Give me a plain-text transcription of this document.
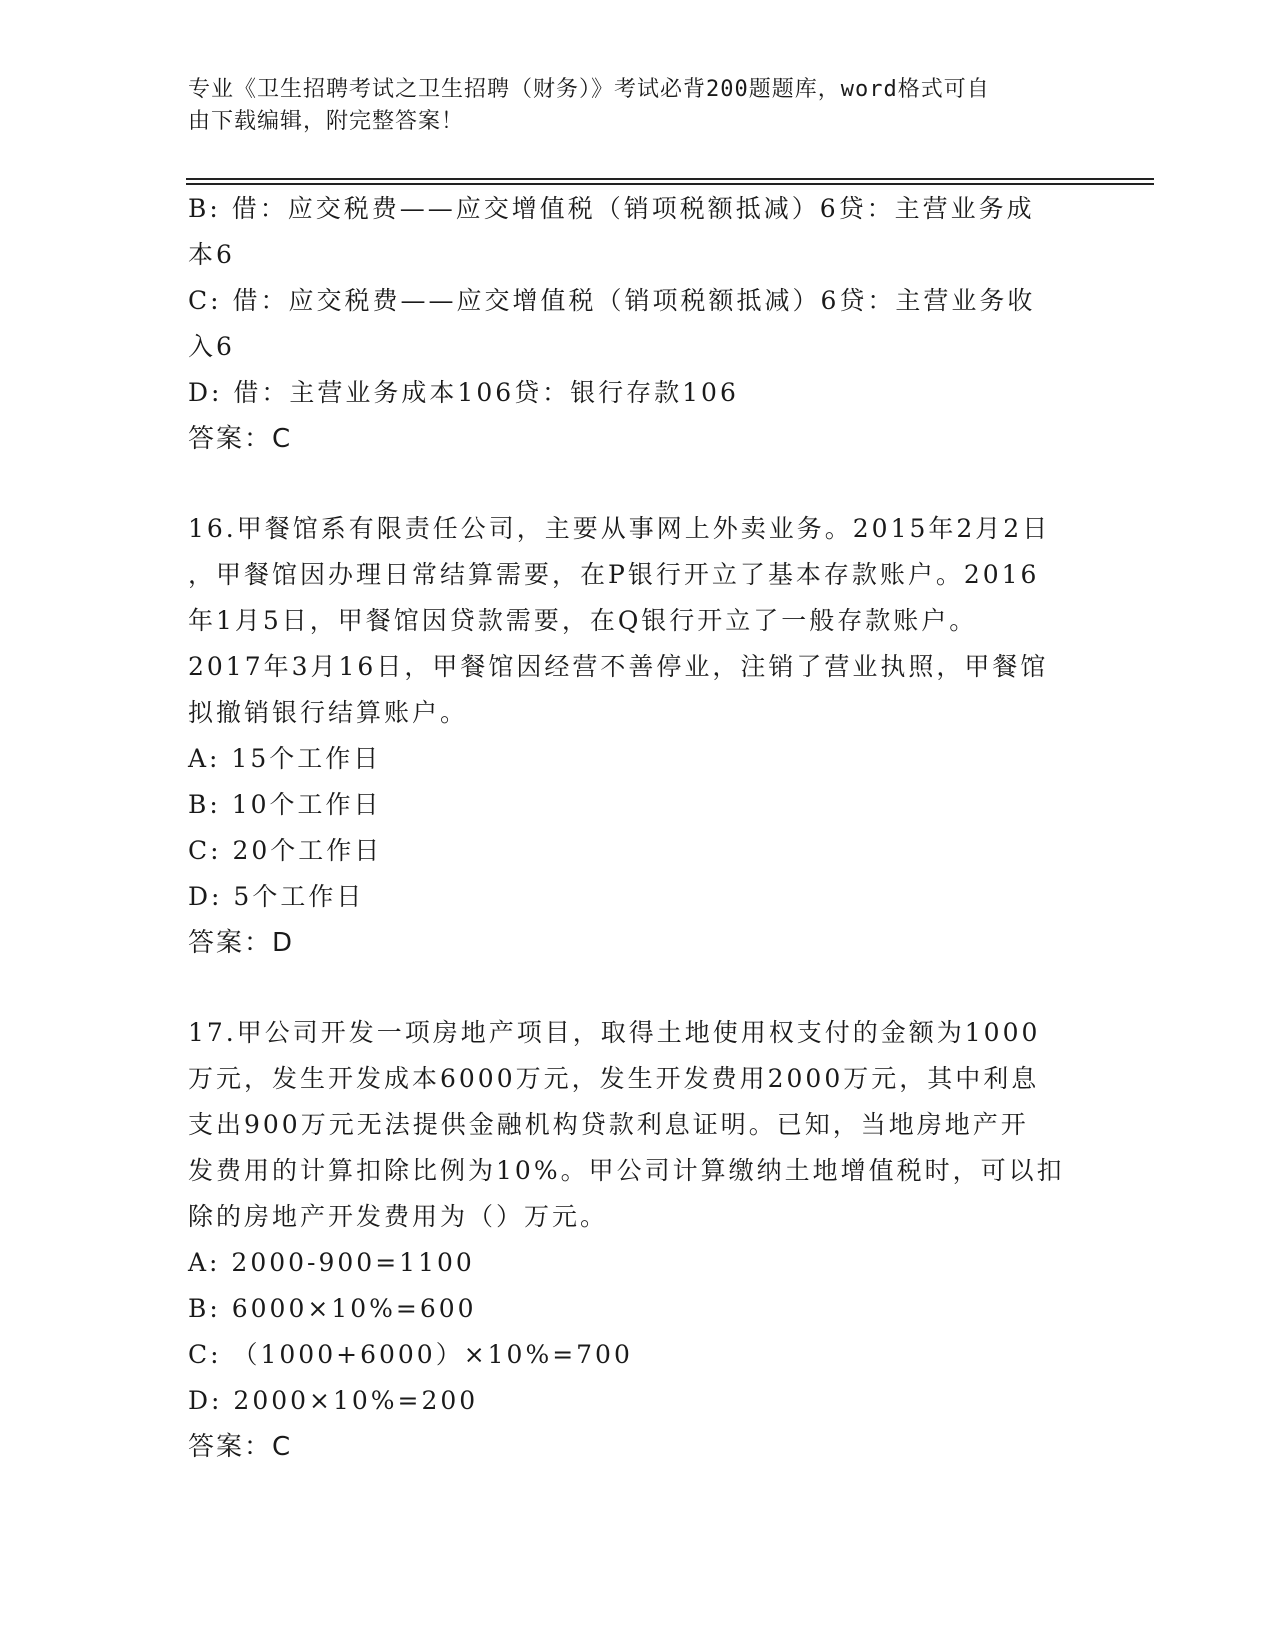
专业《卫生招聘考试之卫生招聘（财务）》考试必背200题题库，word格式可自
由下载编辑，附完整答案！

B: 借：应交税费——应交增值税（销项税额抵减）6贷：主营业务成

本6

C: 借：应交税费——应交增值税（销项税额抵减）6贷：主营业务收

入6

D: 借：主营业务成本106贷：银行存款106

答案：C

16.甲餐馆系有限责任公司，主要从事网上外卖业务。2015年2月2日

，甲餐馆因办理日常结算需要，在P银行开立了基本存款账户。2016

年1月5日，甲餐馆因贷款需要，在Q银行开立了一般存款账户。

2017年3月16日，甲餐馆因经营不善停业，注销了营业执照，甲餐馆

拟撤销银行结算账户。

A: 15个工作日

B: 10个工作日

C: 20个工作日

D: 5个工作日

答案：D

17.甲公司开发一项房地产项目，取得土地使用权支付的金额为1000

万元，发生开发成本6000万元，发生开发费用2000万元，其中利息

支出900万元无法提供金融机构贷款利息证明。已知，当地房地产开

发费用的计算扣除比例为10%。甲公司计算缴纳土地增值税时，可以扣

除的房地产开发费用为（）万元。

A: 2000-900=1100

B: 6000×10%=600

C: （1000+6000）×10%=700

D: 2000×10%=200

答案：C
